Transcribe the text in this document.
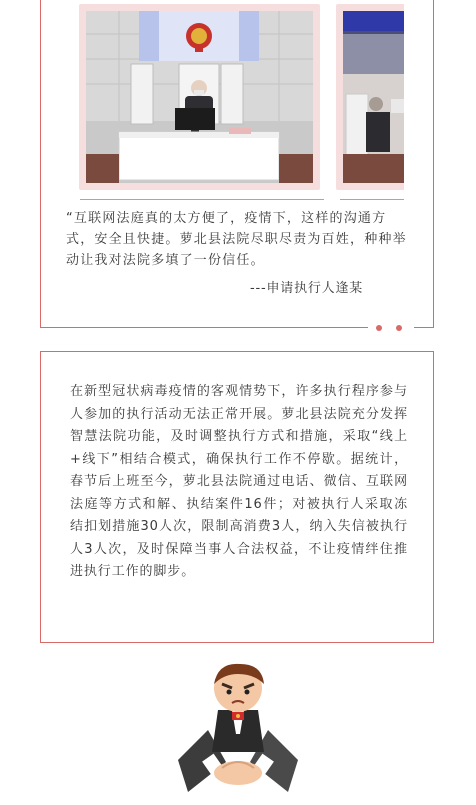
“互联网法庭真的太方便了，疫情下，这样的沟通方式，安全且快捷。萝北县法院尽职尽责为百姓，种种举动让我对法院多填了一份信任。

---申请执行人逢某

在新型冠状病毒疫情的客观情势下，许多执行程序参与人参加的执行活动无法正常开展。萝北县法院充分发挥智慧法院功能，及时调整执行方式和措施，采取“线上+线下”相结合模式，确保执行工作不停歇。据统计，春节后上班至今，萝北县法院通过电话、微信、互联网法庭等方式和解、执结案件16件；对被执行人采取冻结扣划措施30人次，限制高消费3人，纳入失信被执行人3人次，及时保障当事人合法权益，不让疫情绊住推进执行工作的脚步。
